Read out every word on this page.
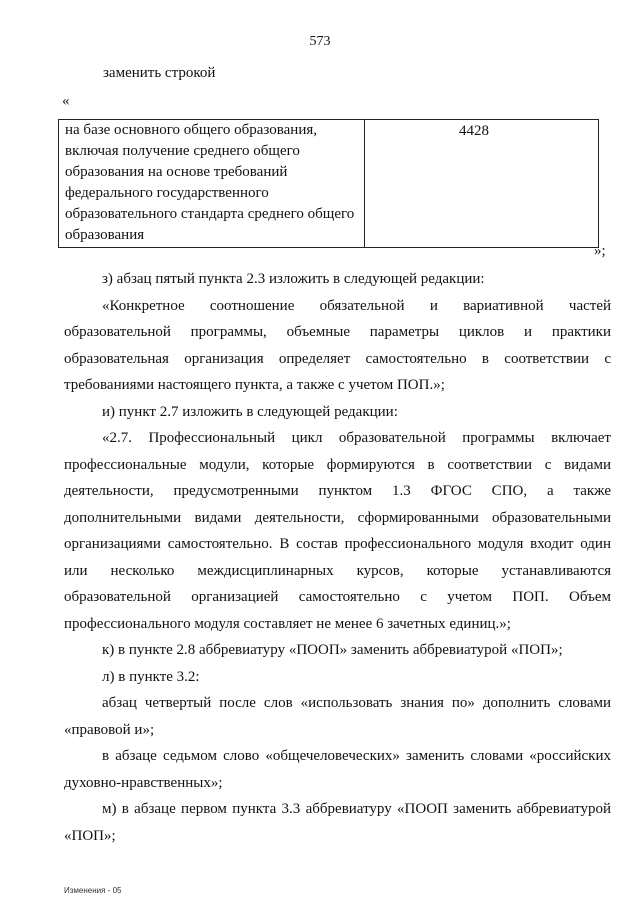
573
заменить строкой
«
на базе основного общего образования, включая получение среднего общего образования на основе требований федерального государственного образовательного стандарта среднего общего образования	4428
»;

з) абзац пятый пункта 2.3 изложить в следующей редакции:

«Конкретное соотношение обязательной и вариативной частей образовательной программы, объемные параметры циклов и практики образовательная организация определяет самостоятельно в соответствии с требованиями настоящего пункта, а также с учетом ПОП.»;

и) пункт 2.7 изложить в следующей редакции:

«2.7. Профессиональный цикл образовательной программы включает профессиональные модули, которые формируются в соответствии с видами деятельности, предусмотренными пунктом 1.3 ФГОС СПО, а также дополнительными видами деятельности, сформированными образовательными организациями самостоятельно. В состав профессионального модуля входит один или несколько междисциплинарных курсов, которые устанавливаются образовательной организацией самостоятельно с учетом ПОП. Объем профессионального модуля составляет не менее 6 зачетных единиц.»;

к) в пункте 2.8 аббревиатуру «ПООП» заменить аббревиатурой «ПОП»;

л) в пункте 3.2:

абзац четвертый после слов «использовать знания по» дополнить словами «правовой и»;

в абзаце седьмом слово «общечеловеческих» заменить словами «российских духовно-нравственных»;

м) в абзаце первом пункта 3.3 аббревиатуру «ПООП заменить аббревиатурой «ПОП»;

Изменения - 05
